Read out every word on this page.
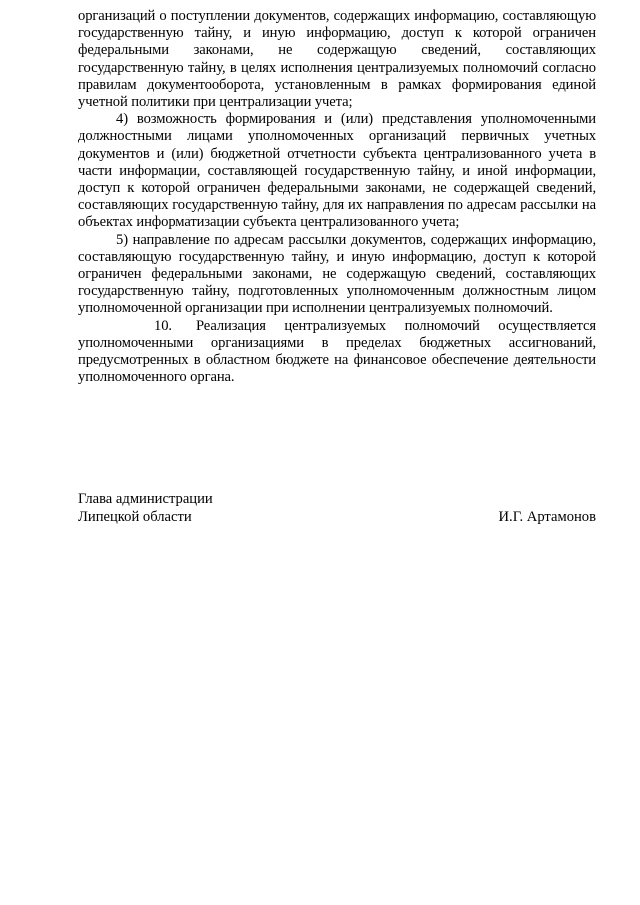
организаций о поступлении документов, содержащих информацию, составляющую государственную тайну, и иную информацию, доступ к которой ограничен федеральными законами, не содержащую сведений, составляющих государственную тайну, в целях исполнения централизуемых полномочий согласно правилам документооборота, установленным в рамках формирования единой учетной политики при централизации учета;

4) возможность формирования и (или) представления уполномоченными должностными лицами уполномоченных организаций первичных учетных документов и (или) бюджетной отчетности субъекта централизованного учета в части информации, составляющей государственную тайну, и иной информации, доступ к которой ограничен федеральными законами, не содержащей сведений, составляющих государственную тайну, для их направления по адресам рассылки на объектах информатизации субъекта централизованного учета;

5) направление по адресам рассылки документов, содержащих информацию, составляющую государственную тайну, и иную информацию, доступ к которой ограничен федеральными законами, не содержащую сведений, составляющих государственную тайну, подготовленных уполномоченным должностным лицом уполномоченной организации при исполнении централизуемых полномочий.

10. Реализация централизуемых полномочий осуществляется уполномоченными организациями в пределах бюджетных ассигнований, предусмотренных в областном бюджете на финансовое обеспечение деятельности уполномоченного органа.

Глава администрации
Липецкой области	И.Г. Артамонов
